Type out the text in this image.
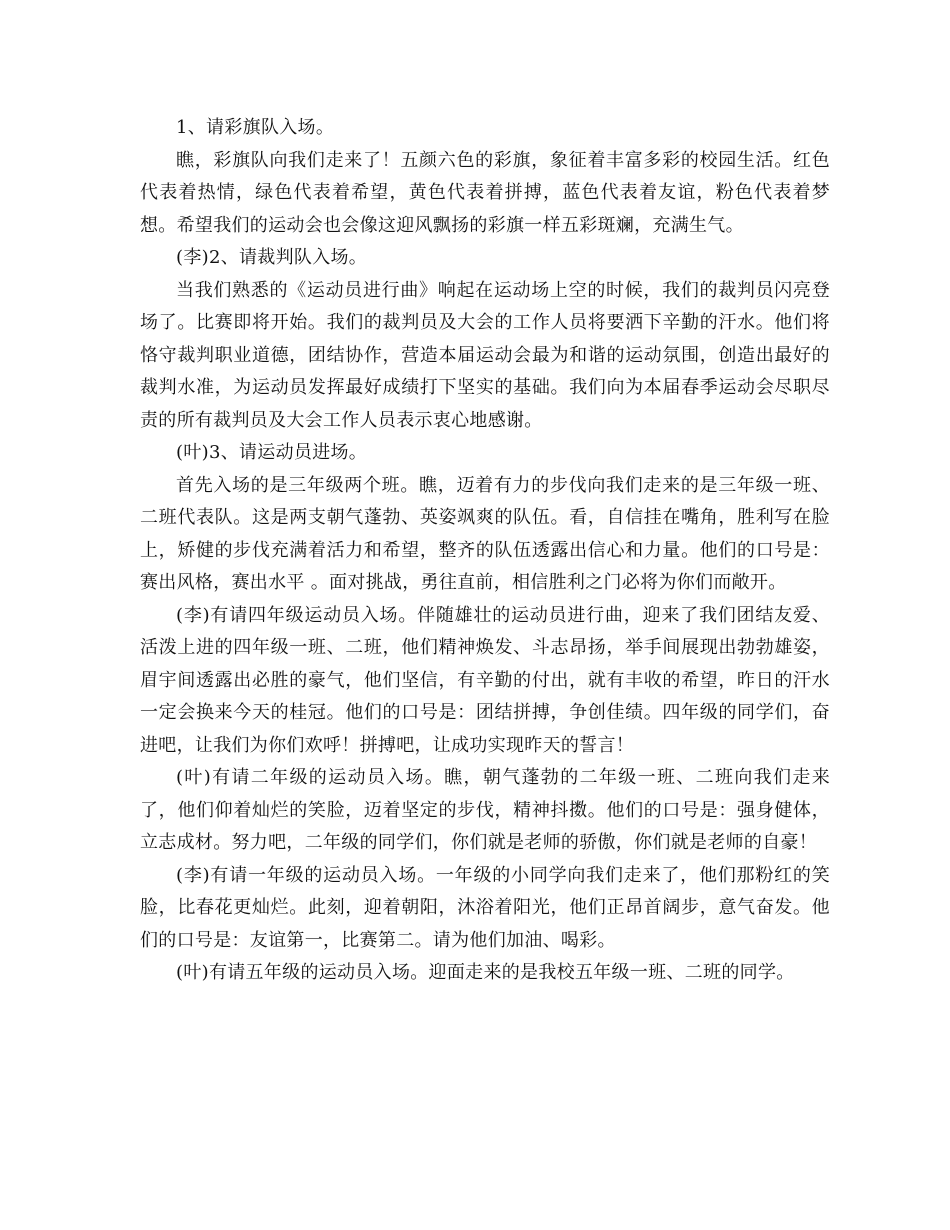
1、请彩旗队入场。

瞧，彩旗队向我们走来了！五颜六色的彩旗，象征着丰富多彩的校园生活。红色代表着热情，绿色代表着希望，黄色代表着拼搏，蓝色代表着友谊，粉色代表着梦想。希望我们的运动会也会像这迎风飘扬的彩旗一样五彩斑斓，充满生气。

(李)2、请裁判队入场。

当我们熟悉的《运动员进行曲》响起在运动场上空的时候，我们的裁判员闪亮登场了。比赛即将开始。我们的裁判员及大会的工作人员将要洒下辛勤的汗水。他们将恪守裁判职业道德，团结协作，营造本届运动会最为和谐的运动氛围，创造出最好的裁判水准，为运动员发挥最好成绩打下坚实的基础。我们向为本届春季运动会尽职尽责的所有裁判员及大会工作人员表示衷心地感谢。

(叶)3、请运动员进场。

首先入场的是三年级两个班。瞧，迈着有力的步伐向我们走来的是三年级一班、二班代表队。这是两支朝气蓬勃、英姿飒爽的队伍。看，自信挂在嘴角，胜利写在脸上，矫健的步伐充满着活力和希望，整齐的队伍透露出信心和力量。他们的口号是：赛出风格，赛出水平 。面对挑战，勇往直前，相信胜利之门必将为你们而敞开。

(李)有请四年级运动员入场。伴随雄壮的运动员进行曲，迎来了我们团结友爱、活泼上进的四年级一班、二班，他们精神焕发、斗志昂扬，举手间展现出勃勃雄姿，眉宇间透露出必胜的豪气，他们坚信，有辛勤的付出，就有丰收的希望，昨日的汗水一定会换来今天的桂冠。他们的口号是：团结拼搏，争创佳绩。四年级的同学们，奋进吧，让我们为你们欢呼！拼搏吧，让成功实现昨天的誓言！

(叶)有请二年级的运动员入场。瞧，朝气蓬勃的二年级一班、二班向我们走来了，他们仰着灿烂的笑脸，迈着坚定的步伐，精神抖擞。他们的口号是：强身健体，立志成材。努力吧，二年级的同学们，你们就是老师的骄傲，你们就是老师的自豪！

(李)有请一年级的运动员入场。一年级的小同学向我们走来了，他们那粉红的笑脸，比春花更灿烂。此刻，迎着朝阳，沐浴着阳光，他们正昂首阔步，意气奋发。他们的口号是：友谊第一，比赛第二。请为他们加油、喝彩。

(叶)有请五年级的运动员入场。迎面走来的是我校五年级一班、二班的同学。
